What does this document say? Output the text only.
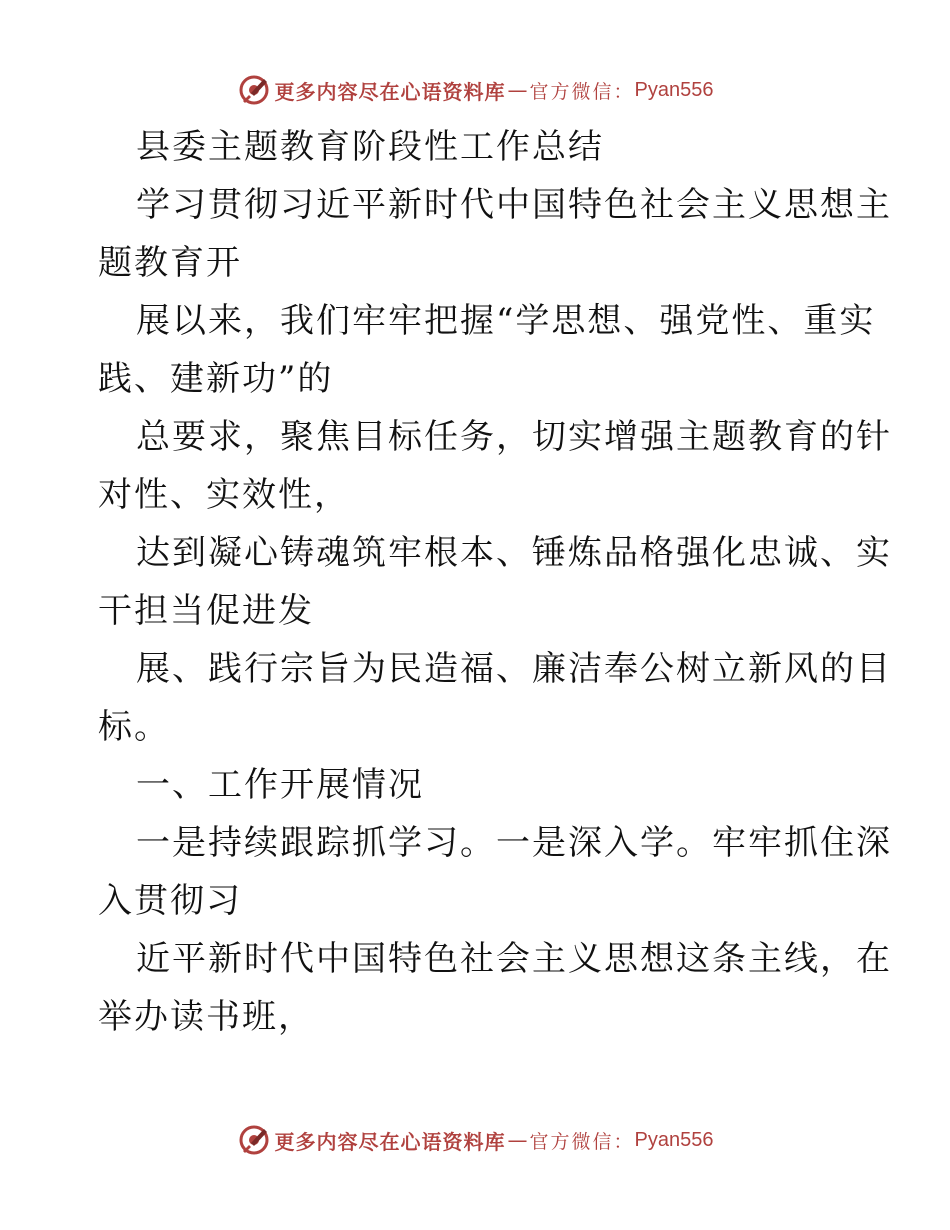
更多内容尽在心语资料库 — 官方微信： Pyan556
县委主题教育阶段性工作总结
学习贯彻习近平新时代中国特色社会主义思想主
题教育开
展以来，我们牢牢把握“学思想、强党性、重实
践、建新功”的
总要求，聚焦目标任务，切实增强主题教育的针
对性、实效性，
达到凝心铸魂筑牢根本、锤炼品格强化忠诚、实
干担当促进发
展、践行宗旨为民造福、廉洁奉公树立新风的目
标。
一、工作开展情况
一是持续跟踪抓学习。一是深入学。牢牢抓住深
入贯彻习
近平新时代中国特色社会主义思想这条主线，在
举办读书班，
更多内容尽在心语资料库 — 官方微信： Pyan556
